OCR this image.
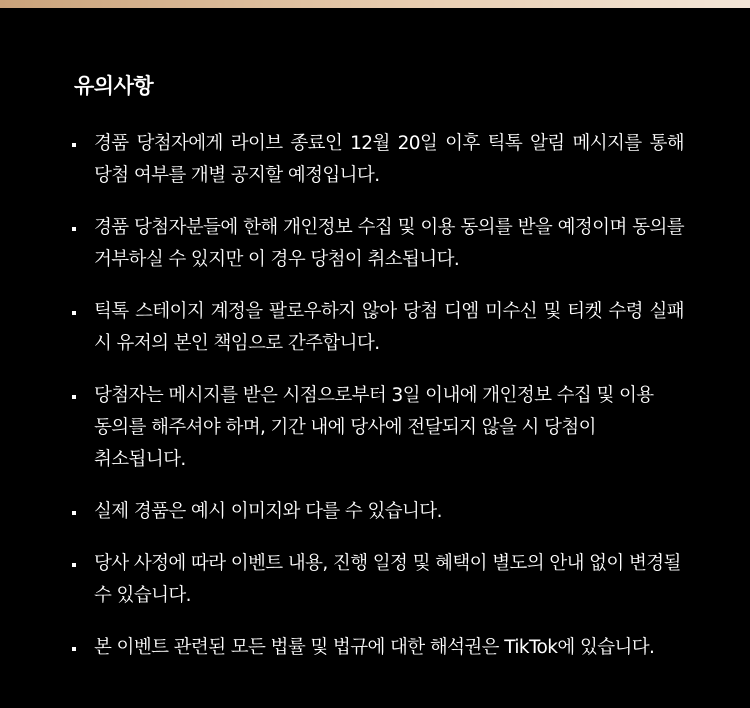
유의사항
경품 당첨자에게 라이브 종료인 12월 20일 이후 틱톡 알림 메시지를 통해 당첨 여부를 개별 공지할 예정입니다.
경품 당첨자분들에 한해 개인정보 수집 및 이용 동의를 받을 예정이며 동의를 거부하실 수 있지만 이 경우 당첨이 취소됩니다.
틱톡 스테이지 계정을 팔로우하지 않아 당첨 디엠 미수신 및 티켓 수령 실패 시 유저의 본인 책임으로 간주합니다.
당첨자는 메시지를 받은 시점으로부터 3일 이내에 개인정보 수집 및 이용 동의를 해주셔야 하며, 기간 내에 당사에 전달되지 않을 시 당첨이 취소됩니다.
실제 경품은 예시 이미지와 다를 수 있습니다.
당사 사정에 따라 이벤트 내용, 진행 일정 및 혜택이 별도의 안내 없이 변경될 수 있습니다.
본 이벤트 관련된 모든 법률 및 법규에 대한 해석권은 TikTok에 있습니다.
